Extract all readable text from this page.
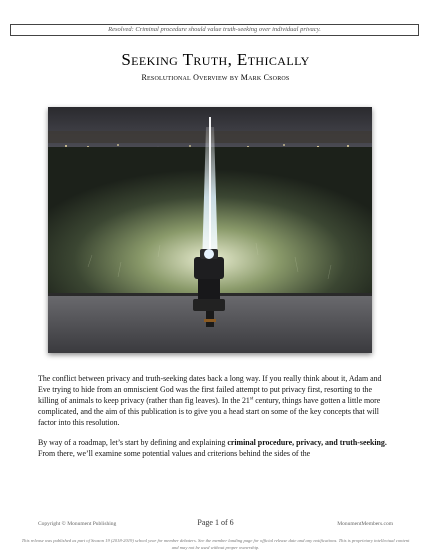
Resolved: Criminal procedure should value truth-seeking over individual privacy.
Seeking Truth, Ethically
Resolutional Overview by Mark Csoros

The conflict between privacy and truth-seeking dates back a long way. If you really think about it, Adam and Eve trying to hide from an omniscient God was the first failed attempt to put privacy first, resorting to the killing of animals to keep privacy (rather than fig leaves). In the 21st century, things have gotten a little more complicated, and the aim of this publication is to give you a head start on some of the key concepts that will factor into this resolution.

By way of a roadmap, let’s start by defining and explaining criminal procedure, privacy, and truth-seeking. From there, we’ll examine some potential values and criterions behind the sides of the

Copyright © Monument Publishing	Page 1 of 6	MonumentMembers.com
This release was published as part of Season 19 (2018-2019) school year for member debaters. See the member landing page for official release date and any notifications. This is proprietary intellectual content and may not be used without proper ownership.
